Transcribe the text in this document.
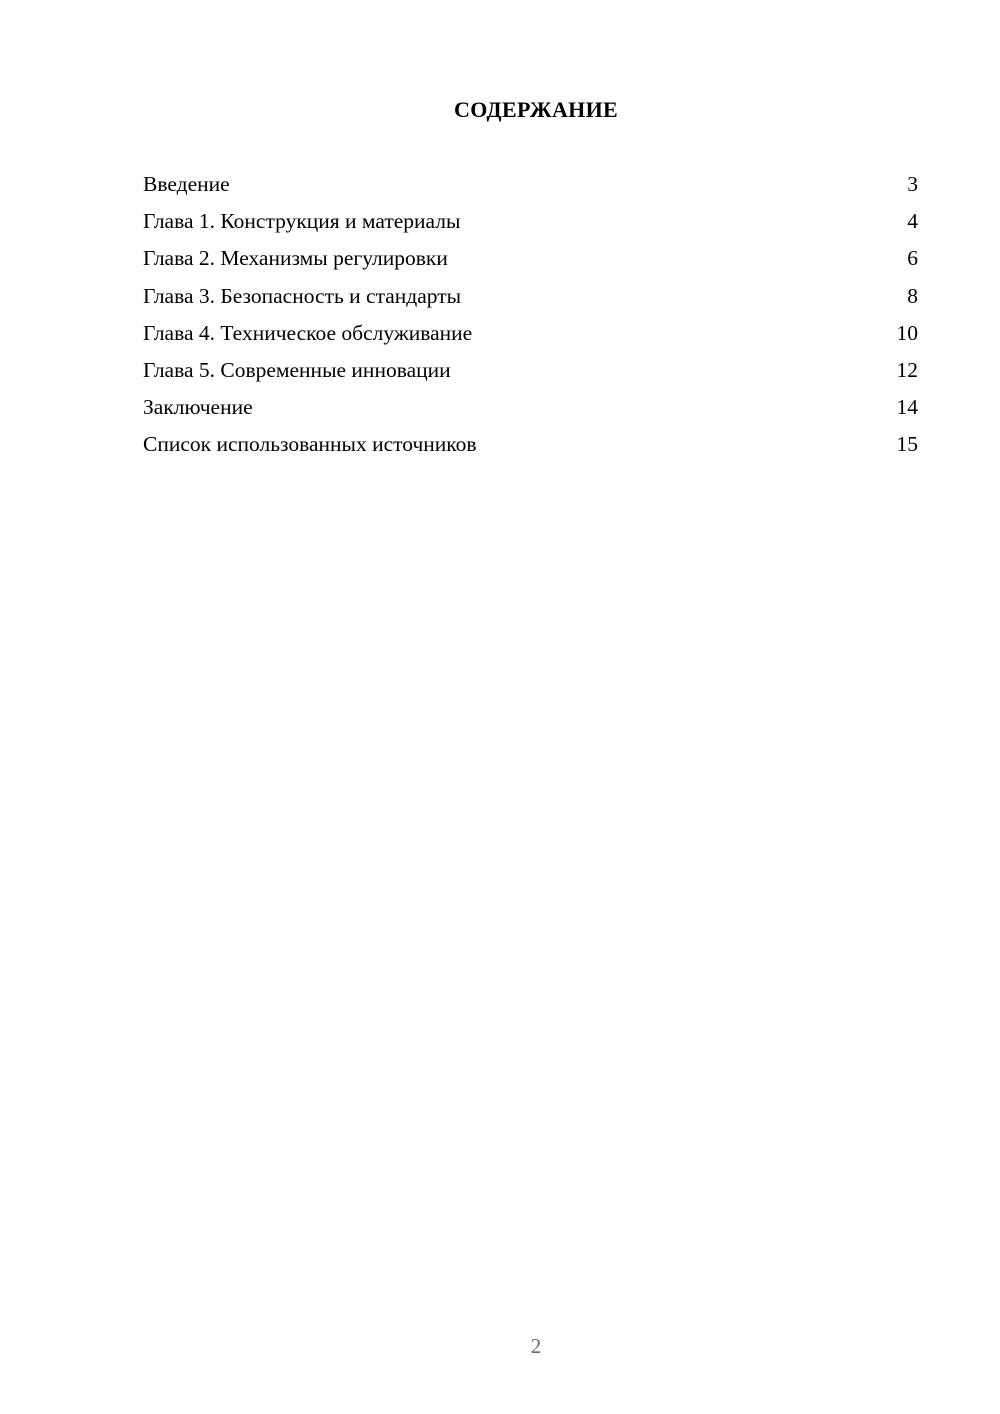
СОДЕРЖАНИЕ
Введение	3
Глава 1. Конструкция и материалы	4
Глава 2. Механизмы регулировки	6
Глава 3. Безопасность и стандарты	8
Глава 4. Техническое обслуживание	10
Глава 5. Современные инновации	12
Заключение	14
Список использованных источников	15
2
